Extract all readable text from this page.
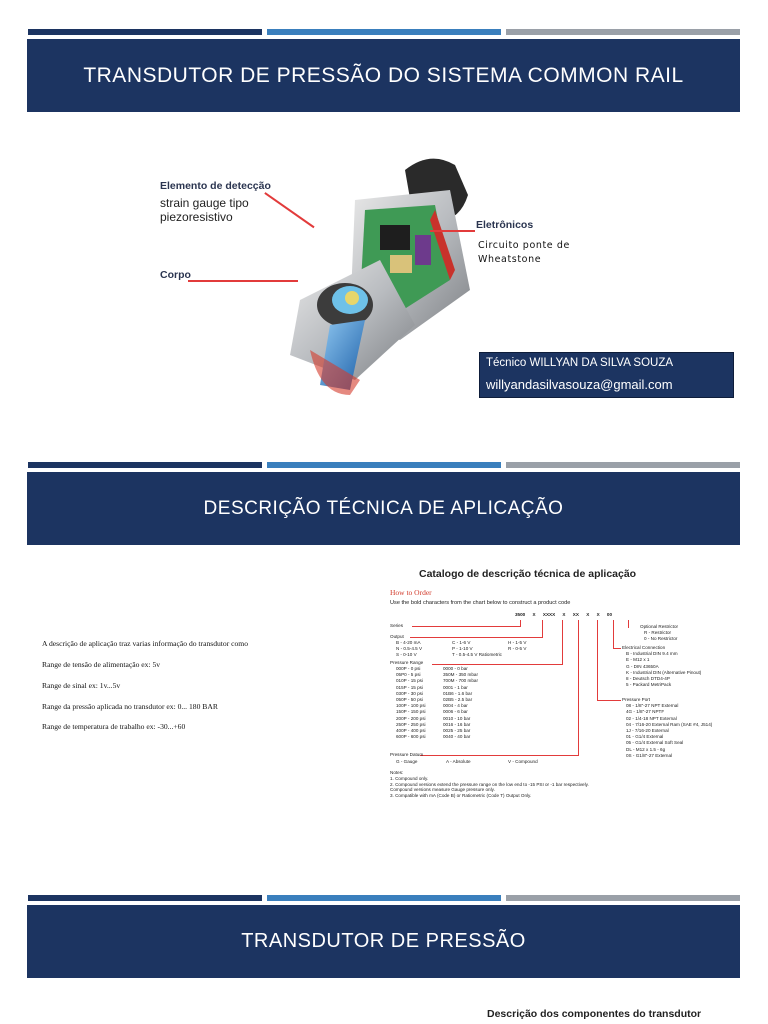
TRANSDUTOR DE PRESSÃO DO SISTEMA COMMON RAIL
Elemento de detecção
strain gauge tipo
piezoresistivo
Corpo
Eletrônicos
Circuito ponte de
Wheatstone
Técnico WILLYAN DA SILVA SOUZA
willyandasilvasouza@gmail.com
DESCRIÇÃO TÉCNICA DE APLICAÇÃO
A descrição de aplicação traz varias informação do transdutor como
Range de tensão de alimentação ex: 5v
Range de sinal ex: 1v...5v
Range da pressão aplicada no transdutor ex: 0... 180 BAR
Range de temperatura de trabalho ex: -30...+60
Catalogo de descrição técnica de aplicação
How to Order
Use the bold characters from the chart below to construct a product code
3500 X XXXX X XX X X 00
Series
Output
B - 4-20 mA
N - 0.5-4.5 V
S - 0-10 V
C - 1-6 V
P - 1-10 V
T - 0.5-4.5 V Ratiometric
H - 1-5 V
R - 0-5 V
Pressure Range
000P - 0 psi
05P0 - 5 psi
010P - 15 psi
015P - 15 psi
030P - 30 psi
050P - 50 psi
100P - 100 psi
150P - 150 psi
200P - 200 psi
250P - 250 psi
400P - 400 psi
600P - 600 psi
0000 - 0 bar
350M - 350 mbar
700M - 700 mbar
0001 - 1 bar
01B6 - 1.6 bar
02B5 - 2.5 bar
0004 - 4 bar
0006 - 6 bar
0010 - 10 bar
0016 - 16 bar
0025 - 25 bar
0040 - 40 bar
Pressure Datum
G - Gauge	A - Absolute	V - Compound
Optional Restrictor
R - Restrictor
0 - No Restrictor
Electrical Connection
B - Industrial DIN 9.4 mm
E - M12 x 1
G - DIN 43650A
K - Industrial DIN (Alternative Pinout)
8 - Deutsch DTD4-4P
5 - Packard MetriPack
Pressure Port
08 - 1/8"-27 NPT External
4G - 1/8"-27 NPTF
02 - 1/4-18 NPT External
04 - 7/16-20 External Ram (SAE #4, J514)
1J - 7/16-20 External
01 - G1/4 External
05 - G1/4 External Soft Seal
DL - M12 x 1.5 - 6g
0S - G1/8"-27 External
Notes:
1. Compound only.
2. Compound versions extend the pressure range on the low end to -15 PSI or -1 bar respectively.
Compound versions measure Gauge pressure only.
3. Compatible with mA (Code B) or Ratiometric (Code T) Output Only.
TRANSDUTOR DE PRESSÃO
Descrição dos componentes do transdutor
